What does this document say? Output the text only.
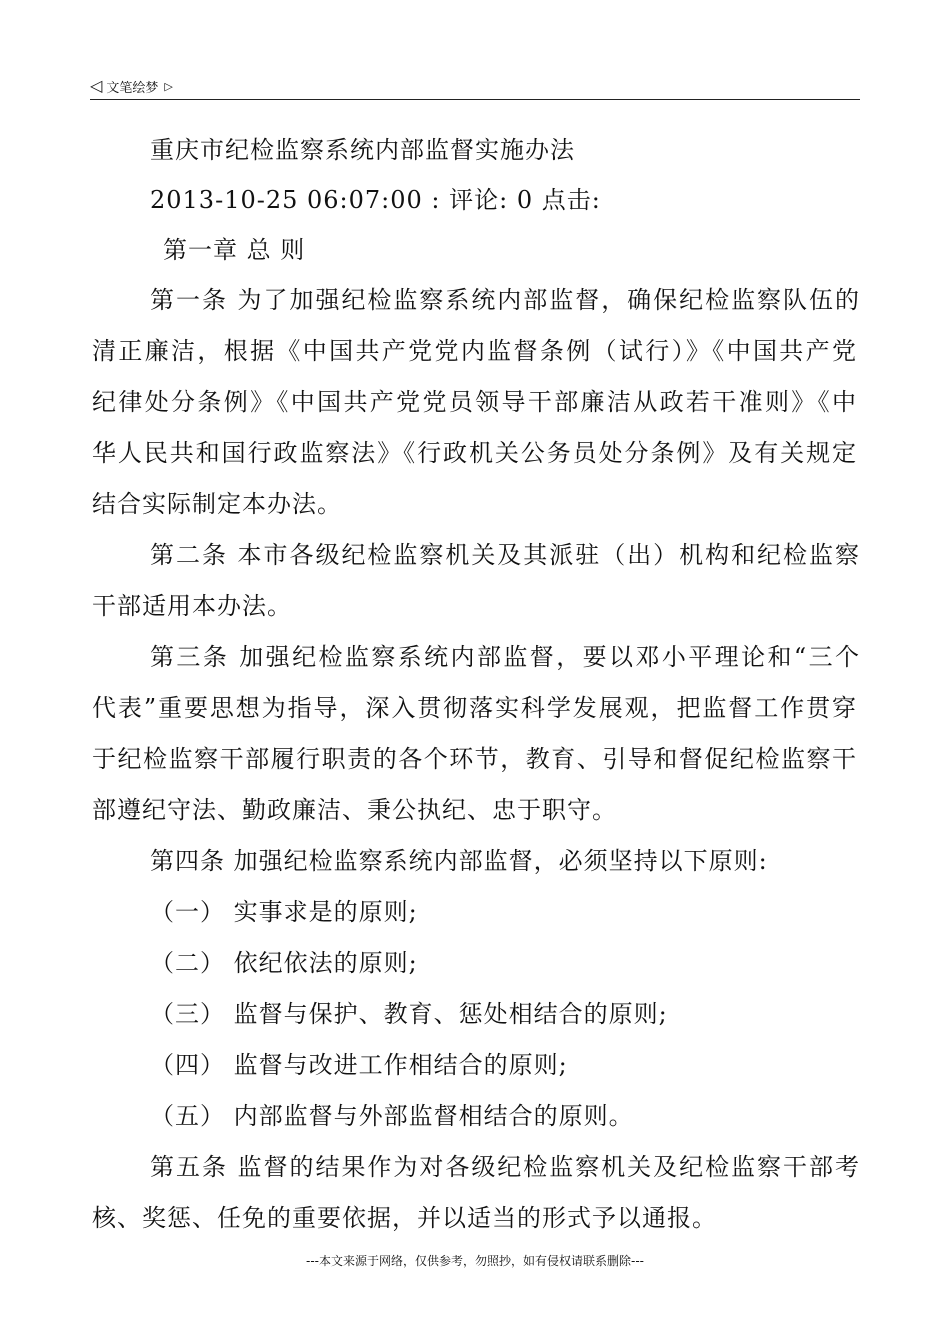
◁ 文笔绘梦 ▷
重庆市纪检监察系统内部监督实施办法
2013-10-25 06:07:00 : 评论: 0 点击:
第一章 总 则
第一条 为了加强纪检监察系统内部监督，确保纪检监察队伍的
清正廉洁，根据《中国共产党党内监督条例（试行）》《中国共产党
纪律处分条例》《中国共产党党员领导干部廉洁从政若干准则》《中
华人民共和国行政监察法》《行政机关公务员处分条例》及有关规定
结合实际制定本办法。
第二条 本市各级纪检监察机关及其派驻（出）机构和纪检监察
干部适用本办法。
第三条 加强纪检监察系统内部监督，要以邓小平理论和“三个
代表”重要思想为指导，深入贯彻落实科学发展观，把监督工作贯穿
于纪检监察干部履行职责的各个环节，教育、引导和督促纪检监察干
部遵纪守法、勤政廉洁、秉公执纪、忠于职守。
第四条 加强纪检监察系统内部监督，必须坚持以下原则:
（一） 实事求是的原则;
（二） 依纪依法的原则;
（三） 监督与保护、教育、惩处相结合的原则;
（四） 监督与改进工作相结合的原则;
（五） 内部监督与外部监督相结合的原则。
第五条 监督的结果作为对各级纪检监察机关及纪检监察干部考
核、奖惩、任免的重要依据，并以适当的形式予以通报。
---本文来源于网络，仅供参考，勿照抄，如有侵权请联系删除---
